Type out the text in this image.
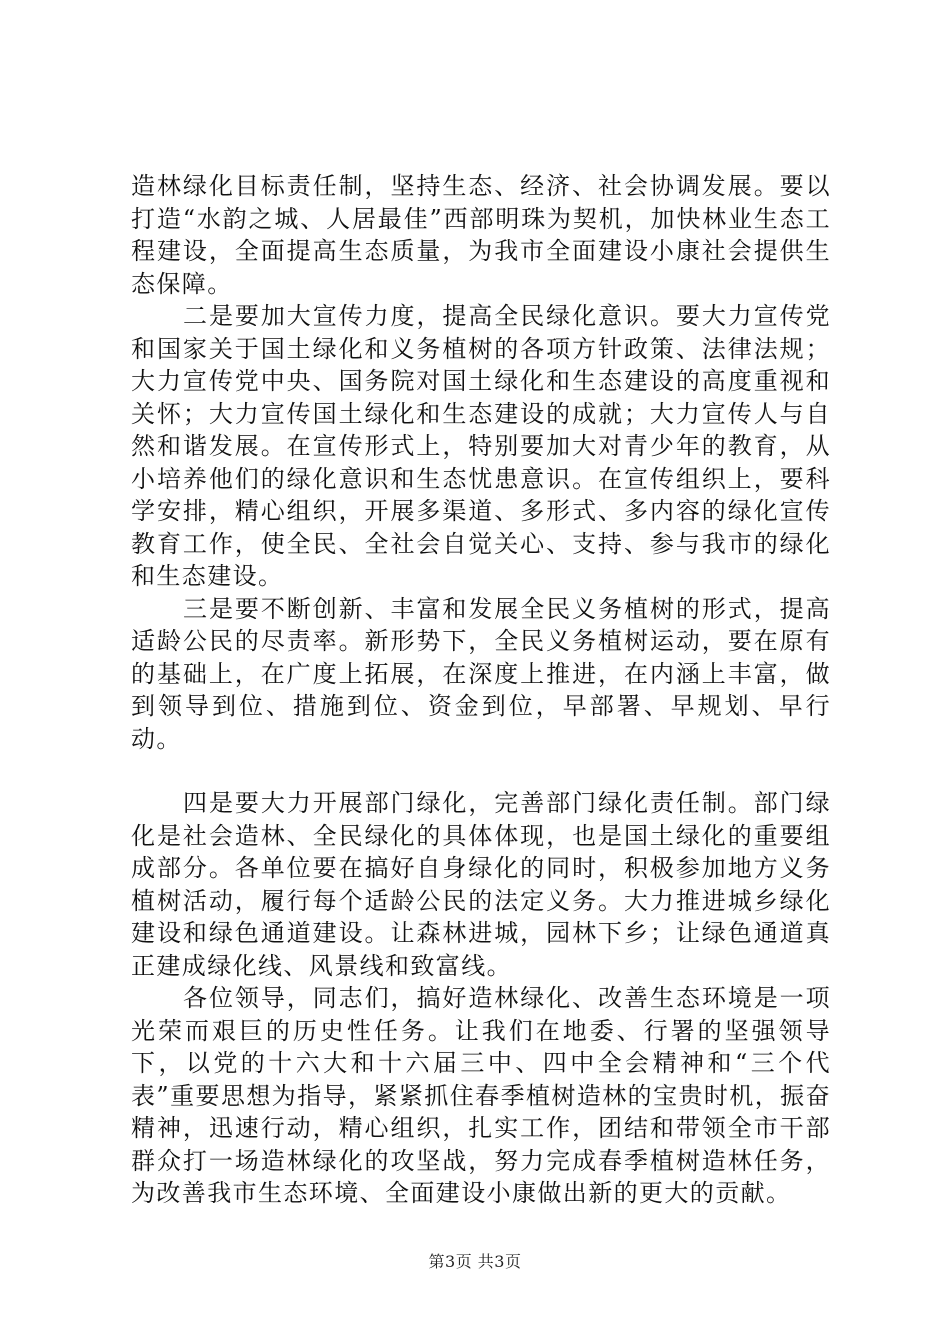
造林绿化目标责任制，坚持生态、经济、社会协调发展。要以打造“水韵之城、人居最佳”西部明珠为契机，加快林业生态工程建设，全面提高生态质量，为我市全面建设小康社会提供生态保障。

二是要加大宣传力度，提高全民绿化意识。要大力宣传党和国家关于国土绿化和义务植树的各项方针政策、法律法规；大力宣传党中央、国务院对国土绿化和生态建设的高度重视和关怀；大力宣传国土绿化和生态建设的成就；大力宣传人与自然和谐发展。在宣传形式上，特别要加大对青少年的教育，从小培养他们的绿化意识和生态忧患意识。在宣传组织上，要科学安排，精心组织，开展多渠道、多形式、多内容的绿化宣传教育工作，使全民、全社会自觉关心、支持、参与我市的绿化和生态建设。

三是要不断创新、丰富和发展全民义务植树的形式，提高适龄公民的尽责率。新形势下，全民义务植树运动，要在原有的基础上，在广度上拓展，在深度上推进，在内涵上丰富，做到领导到位、措施到位、资金到位，早部署、早规划、早行动。

四是要大力开展部门绿化，完善部门绿化责任制。部门绿化是社会造林、全民绿化的具体体现，也是国土绿化的重要组成部分。各单位要在搞好自身绿化的同时，积极参加地方义务植树活动，履行每个适龄公民的法定义务。大力推进城乡绿化建设和绿色通道建设。让森林进城，园林下乡；让绿色通道真正建成绿化线、风景线和致富线。

各位领导，同志们，搞好造林绿化、改善生态环境是一项光荣而艰巨的历史性任务。让我们在地委、行署的坚强领导下，以党的十六大和十六届三中、四中全会精神和“三个代表”重要思想为指导，紧紧抓住春季植树造林的宝贵时机，振奋精神，迅速行动，精心组织，扎实工作，团结和带领全市干部群众打一场造林绿化的攻坚战，努力完成春季植树造林任务，为改善我市生态环境、全面建设小康做出新的更大的贡献。

第3页 共3页
